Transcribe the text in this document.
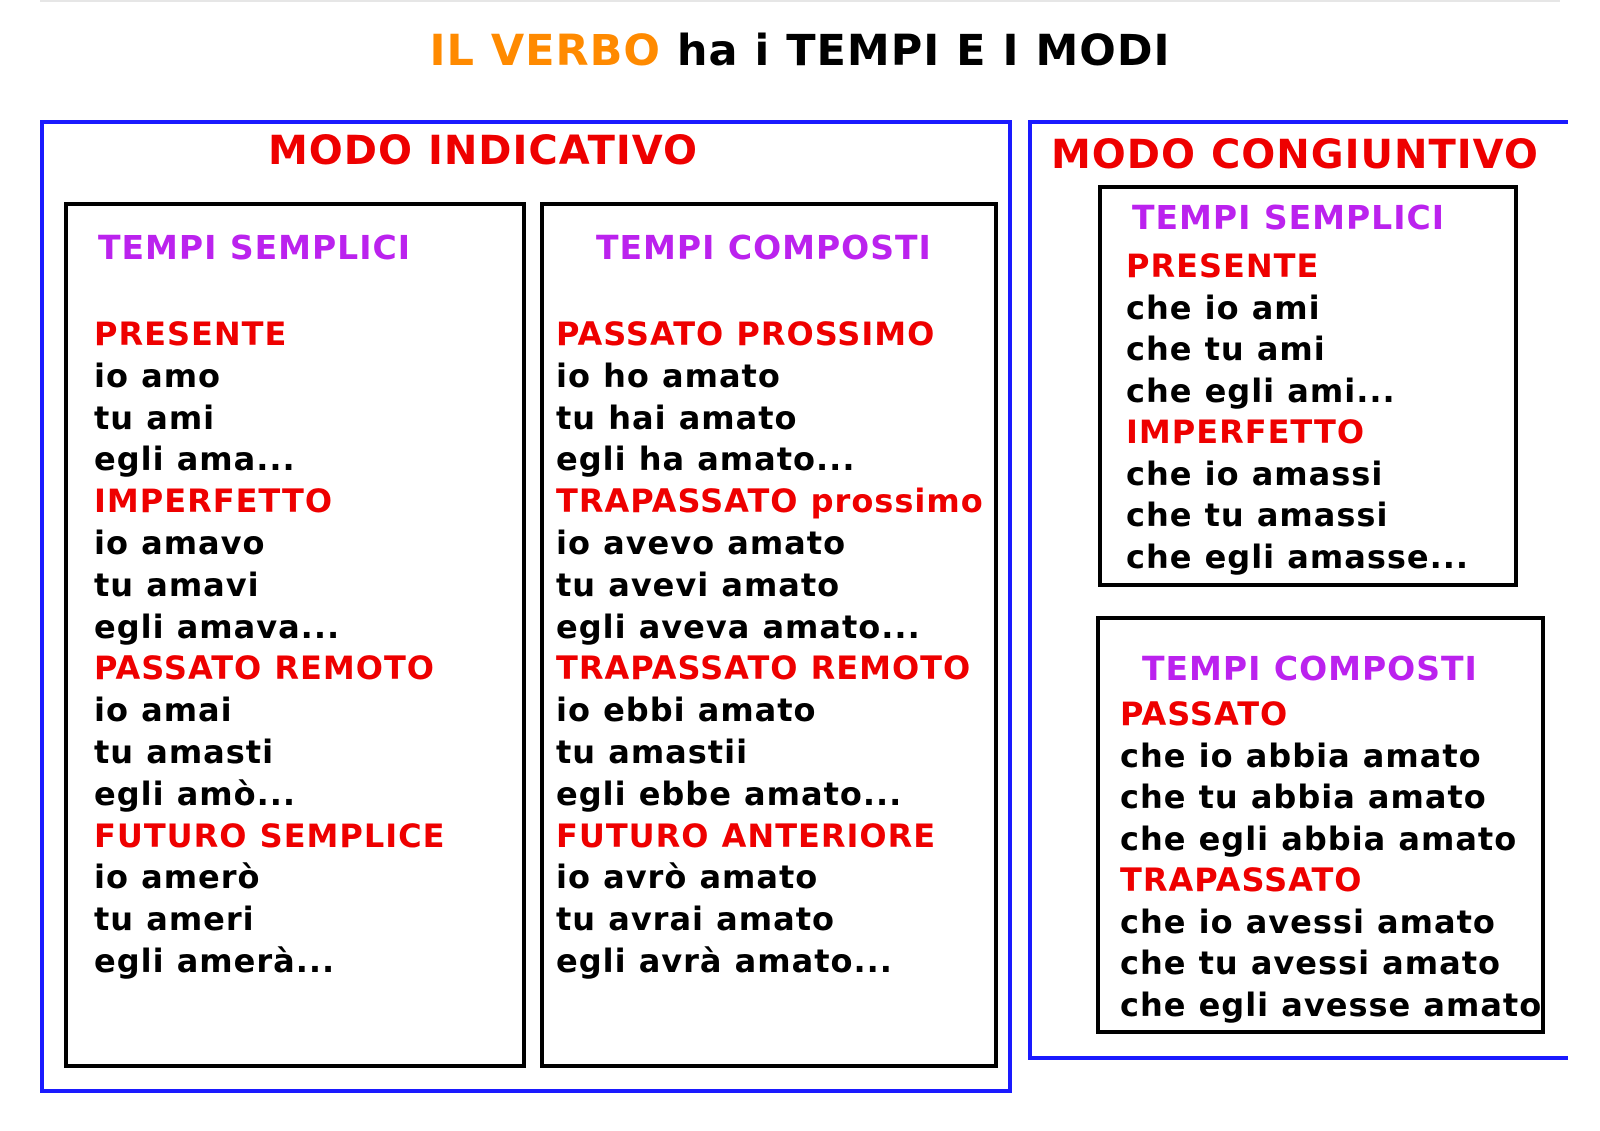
IL VERBO ha i TEMPI E I MODI
MODO INDICATIVO
TEMPI SEMPLICI
PRESENTE
io amo
tu ami
egli ama...
IMPERFETTO
io amavo
tu amavi
egli amava...
PASSATO REMOTO
io amai
tu amasti
egli amò...
FUTURO SEMPLICE
io amerò
tu ameri
egli amerà...
TEMPI COMPOSTI
PASSATO PROSSIMO
io ho amato
tu hai amato
egli ha amato...
TRAPASSATO prossimo
io avevo amato
tu avevi amato
egli aveva amato...
TRAPASSATO REMOTO
io ebbi amato
tu amastii
egli ebbe amato...
FUTURO ANTERIORE
io avrò amato
tu avrai amato
egli avrà amato...
MODO CONGIUNTIVO
TEMPI SEMPLICI
PRESENTE
che io ami
che tu ami
che egli ami...
IMPERFETTO
che io amassi
che tu amassi
che egli amasse...
TEMPI COMPOSTI
PASSATO
che io abbia amato
che tu abbia amato
che egli abbia amato
TRAPASSATO
che io avessi amato
che tu avessi amato
che egli avesse amato
